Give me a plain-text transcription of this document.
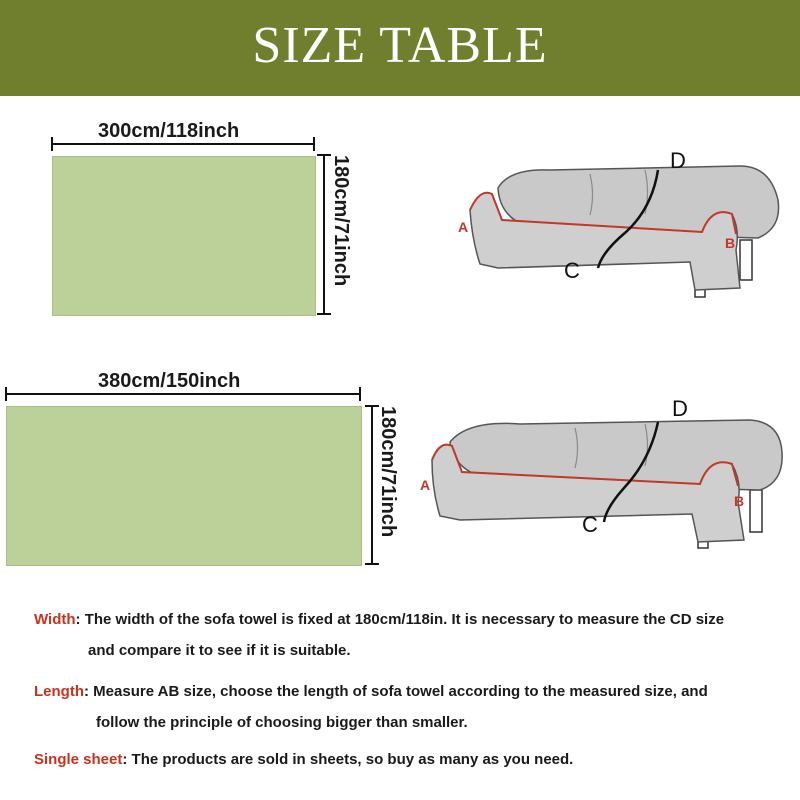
SIZE TABLE
300cm/118inch
180cm/71inch
380cm/150inch
180cm/71inch
A
B
C
D
A
B
C
D
Width: The width of the sofa towel is fixed at 180cm/118in. It is necessary to measure the CD size
and compare it to see if it is suitable.
Length: Measure AB size, choose the length of sofa towel according to the measured size, and
follow the principle of choosing bigger than smaller.
Single sheet: The products are sold in sheets, so buy as many as you need.
